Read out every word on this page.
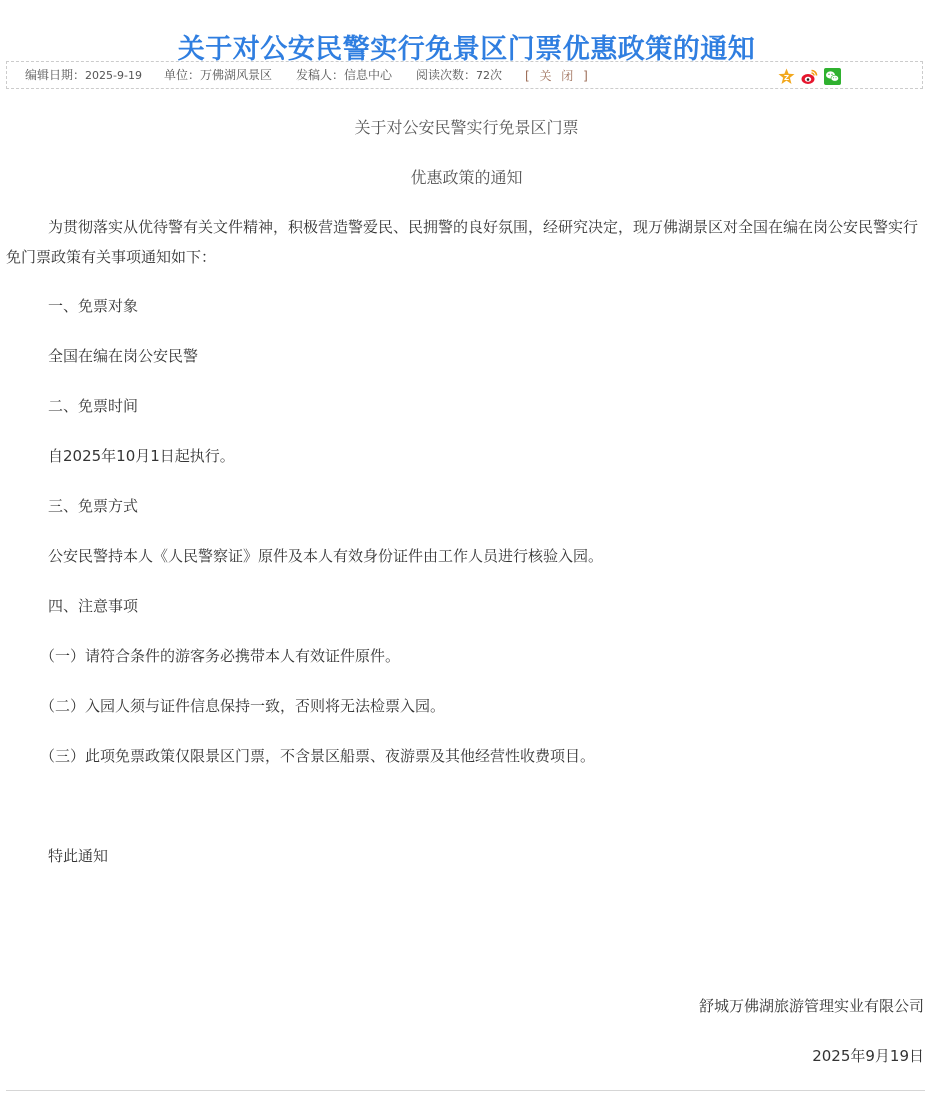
关于对公安民警实行免景区门票优惠政策的通知
编辑日期：2025-9-19 单位：万佛湖风景区 发稿人：信息中心 阅读次数：72次 [ 关 闭 ]	Z
关于对公安民警实行免景区门票
优惠政策的通知

为贯彻落实从优待警有关文件精神，积极营造警爱民、民拥警的良好氛围，经研究决定，现万佛湖景区对全国在编在岗公安民警实行免门票政策有关事项通知如下：

一、免票对象
全国在编在岗公安民警
二、免票时间
自2025年10月1日起执行。
三、免票方式
公安民警持本人《人民警察证》原件及本人有效身份证件由工作人员进行核验入园。
四、注意事项
（一）请符合条件的游客务必携带本人有效证件原件。
（二）入园人须与证件信息保持一致，否则将无法检票入园。
（三）此项免票政策仅限景区门票，不含景区船票、夜游票及其他经营性收费项目。
特此通知
舒城万佛湖旅游管理实业有限公司
2025年9月19日
